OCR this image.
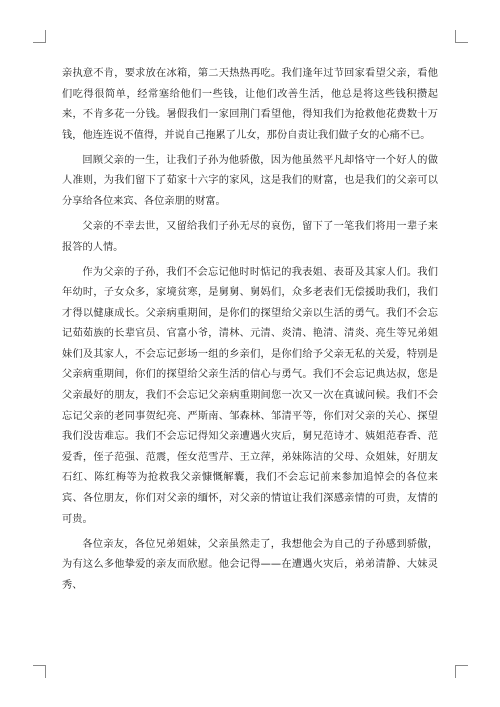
亲执意不肯，要求放在冰箱，第二天热热再吃。我们逢年过节回家看望父亲，看他们吃得很简单，经常塞给他们一些钱，让他们改善生活，他总是将这些钱积攒起来，不肯多花一分钱。暑假我们一家回荆门看望他，得知我们为抢救他花费数十万钱，他连连说不值得，并说自己拖累了儿女，那份自责让我们做子女的心痛不已。

回顾父亲的一生，让我们子孙为他骄傲，因为他虽然平凡却恪守一个好人的做人准则，为我们留下了茹家十六字的家风，这是我们的财富，也是我们的父亲可以分享给各位来宾、各位亲朋的财富。

父亲的不幸去世，又留给我们子孙无尽的哀伤，留下了一笔我们将用一辈子来报答的人情。

作为父亲的子孙，我们不会忘记他时时惦记的我表姐、表哥及其家人们。我们年幼时，子女众多，家境贫寒，是舅舅、舅妈们，众多老表们无偿援助我们，我们才得以健康成长。父亲病重期间，是你们的探望给父亲以生活的勇气。我们不会忘记茹茹族的长辈官员、官富小爷，清林、元清、炎清、艳清、清炎、亮生等兄弟姐妹们及其家人，不会忘记彭场一组的乡亲们，是你们给予父亲无私的关爱，特别是父亲病重期间，你们的探望给父亲生活的信心与勇气。我们不会忘记典达叔，您是父亲最好的朋友，我们不会忘记父亲病重期间您一次又一次在真诚问候。我们不会忘记父亲的老同事贺纪亮、严斯南、邹森林、邹清平等，你们对父亲的关心、探望我们没齿难忘。我们不会忘记得知父亲遭遇火灾后，舅兄范诗才、姨姐范春香、范爱香，侄子范强、范震，侄女范雪芹、王立萍，弟妹陈洁的父母、众姐妹，好朋友石红、陈红梅等为抢救我父亲慷慨解囊，我们不会忘记前来参加追悼会的各位来宾、各位朋友，你们对父亲的缅怀，对父亲的情谊让我们深感亲情的可贵，友情的可贵。

各位亲友，各位兄弟姐妹，父亲虽然走了，我想他会为自己的子孙感到骄傲，为有这么多他挚爱的亲友而欣慰。他会记得——在遭遇火灾后，弟弟清静、大妹灵秀、
